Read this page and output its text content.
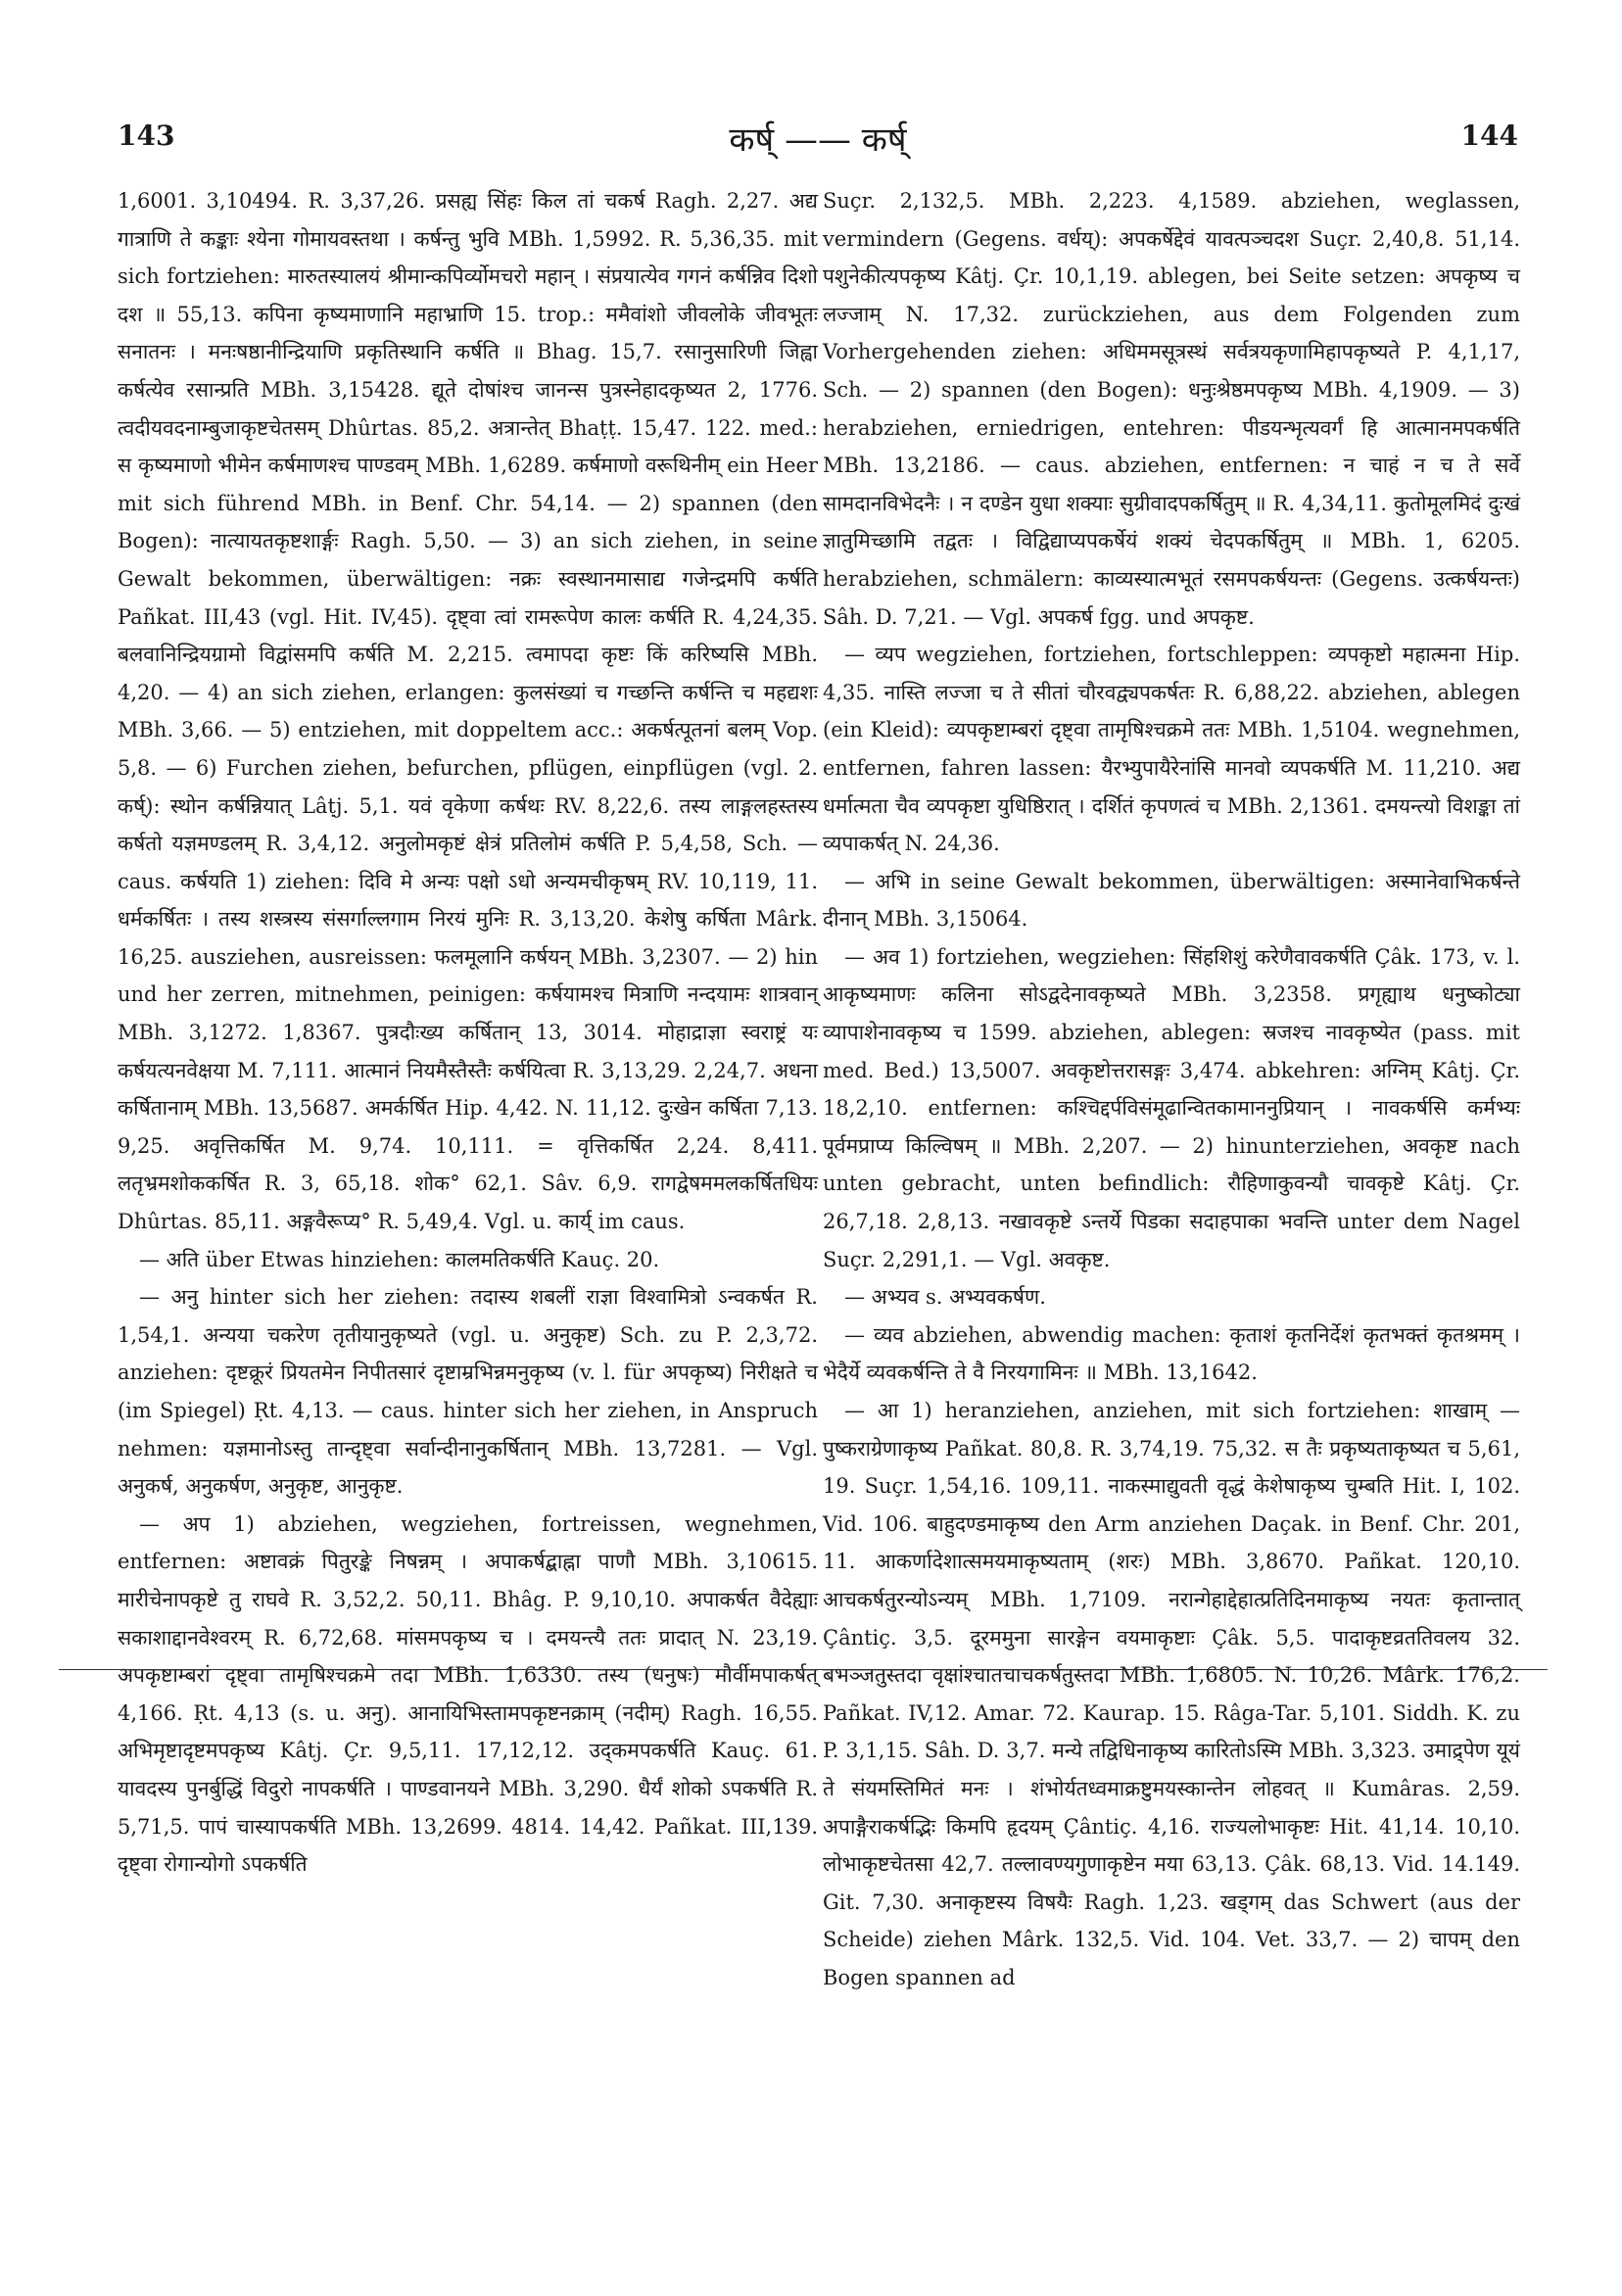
143	कर्ष् —— कर्ष्	144

1,6001. 3,10494. R. 3,37,26. प्रसह्य सिंहः किल तां चकर्ष Ragh. 2,27. अद्य गात्राणि ते कङ्काः श्येना गोमायवस्तथा । कर्षन्तु भुवि MBh. 1,5992. R. 5,36,35. mit sich fortziehen: मारुतस्यालयं श्रीमान्कपिर्व्योमचरो महान् । संप्रयात्येव गगनं कर्षन्निव दिशो दश ॥ 55,13. कपिना कृष्यमाणानि महाभ्राणि 15. trop.: ममैवांशो जीवलोके जीवभूतः सनातनः । मनःषष्ठानीन्द्रियाणि प्रकृतिस्थानि कर्षति ॥ Bhag. 15,7. रसानुसारिणी जिह्वा कर्षत्येव रसान्प्रति MBh. 3,15428. द्यूते दोषांश्च जानन्स पुत्रस्नेहादकृष्यत 2, 1776. त्वदीयवदनाम्बुजाकृष्टचेतसम् Dhûrtas. 85,2. अत्रान्तेत् Bhaṭṭ. 15,47. 122. med.: स कृष्यमाणो भीमेन कर्षमाणश्च पाण्डवम् MBh. 1,6289. कर्षमाणो वरूथिनीम् ein Heer mit sich führend MBh. in Benf. Chr. 54,14. — 2) spannen (den Bogen): नात्यायतकृष्टशार्ङ्गः Ragh. 5,50. — 3) an sich ziehen, in seine Gewalt bekommen, überwältigen: नक्रः स्वस्थानमासाद्य गजेन्द्रमपि कर्षति Pañkat. III,43 (vgl. Hit. IV,45). दृष्ट्वा त्वां रामरूपेण कालः कर्षति R. 4,24,35. बलवानिन्द्रियग्रामो विद्वांसमपि कर्षति M. 2,215. त्वमापदा कृष्टः किं करिष्यसि MBh. 4,20. — 4) an sich ziehen, erlangen: कुलसंख्यां च गच्छन्ति कर्षन्ति च महद्यशः MBh. 3,66. — 5) entziehen, mit doppeltem acc.: अकर्षत्पूतनां बलम् Vop. 5,8. — 6) Furchen ziehen, befurchen, pflügen, einpflügen (vgl. 2. कर्ष्): स्थोन कर्षन्नियात् Lâṭj. 5,1. यवं वृकेणा कर्षथः RV. 8,22,6. तस्य लाङ्गलहस्तस्य कर्षतो यज्ञमण्डलम् R. 3,4,12. अनुलोमकृष्टं क्षेत्रं प्रतिलोमं कर्षति P. 5,4,58, Sch. — caus. कर्षयति 1) ziehen: दिवि मे अन्यः पक्षो ऽधो अन्यमचीकृषम् RV. 10,119, 11. धर्मकर्षितः । तस्य शस्त्रस्य संसर्गाल्लगाम निरयं मुनिः R. 3,13,20. केशेषु कर्षिता Mârk. 16,25. ausziehen, ausreissen: फलमूलानि कर्षयन् MBh. 3,2307. — 2) hin und her zerren, mitnehmen, peinigen: कर्षयामश्च मित्राणि नन्दयामः शात्रवान् MBh. 3,1272. 1,8367. पुत्रदौःख्य कर्षितान् 13, 3014. मोहाद्राज्ञा स्वराष्ट्रं यः कर्षयत्यनवेक्षया M. 7,111. आत्मानं नियमैस्तैस्तैः कर्षयित्वा R. 3,13,29. 2,24,7. अधना कर्षितानाम् MBh. 13,5687. अमर्कर्षित Hip. 4,42. N. 11,12. दुःखेन कर्षिता 7,13. 9,25. अवृत्तिकर्षित M. 9,74. 10,111. = वृत्तिकर्षित 2,24. 8,411. लतृभ्रमशोककर्षित R. 3, 65,18. शोक° 62,1. Sâv. 6,9. रागद्वेषममलकर्षितधियः Dhûrtas. 85,11. अङ्गवैरूप्य° R. 5,49,4. Vgl. u. कार्य् im caus.

— अति über Etwas hinziehen: कालमतिकर्षति Kauç. 20.

— अनु hinter sich her ziehen: तदास्य शबलीं राज्ञा विश्वामित्रो ऽन्वकर्षत R. 1,54,1. अन्यया चकरेण तृतीयानुकृष्यते (vgl. u. अनुकृष्ट) Sch. zu P. 2,3,72. anziehen: दृष्टक्रूरं प्रियतमेन निपीतसारं दृष्टाम्रभिन्नमनुकृष्य (v. l. für अपकृष्य) निरीक्षते च (im Spiegel) Ṛt. 4,13. — caus. hinter sich her ziehen, in Anspruch nehmen: यज्ञमानोऽस्तु तान्दृष्ट्वा सर्वान्दीनानुकर्षितान् MBh. 13,7281. — Vgl. अनुकर्ष, अनुकर्षण, अनुकृष्ट, आनुकृष्ट.

— अप 1) abziehen, wegziehen, fortreissen, wegnehmen, entfernen: अष्टावक्रं पितुरङ्के निषन्नम् । अपाकर्षद्बाह्ना पाणौ MBh. 3,10615. मारीचेनापकृष्टे तु राघवे R. 3,52,2. 50,11. Bhâg. P. 9,10,10. अपाकर्षत वैदेह्याः सकाशाद्दानवेश्वरम् R. 6,72,68. मांसमपकृष्य च । दमयन्त्यै ततः प्रादात् N. 23,19. अपकृष्टाम्बरां दृष्ट्वा तामृषिश्चक्रमे तदा MBh. 1,6330. तस्य (धनुषः) मौर्वीमपाकर्षत् 4,166. Ṛt. 4,13 (s. u. अनु). आनायिभिस्तामपकृष्टनक्राम् (नदीम्) Ragh. 16,55. अभिमृष्टादृष्टमपकृष्य Kâtj. Çr. 9,5,11. 17,12,12. उद्कमपकर्षति Kauç. 61. यावदस्य पुनर्बुद्धिं विदुरो नापकर्षति । पाण्डवानयने MBh. 3,290. धैर्यं शोको ऽपकर्षति R. 5,71,5. पापं चास्यापकर्षति MBh. 13,2699. 4814. 14,42. Pañkat. III,139. दृष्ट्वा रोगान्योगो ऽपकर्षति

Suçr. 2,132,5. MBh. 2,223. 4,1589. abziehen, weglassen, vermindern (Gegens. वर्धय्): अपकर्षेद्देवं यावत्पञ्चदश Suçr. 2,40,8. 51,14. पशुनेकीत्यपकृष्य Kâtj. Çr. 10,1,19. ablegen, bei Seite setzen: अपकृष्य च लज्जाम् N. 17,32. zurückziehen, aus dem Folgenden zum Vorhergehenden ziehen: अधिममसूत्रस्थं सर्वत्रयकृणामिहापकृष्यते P. 4,1,17, Sch. — 2) spannen (den Bogen): धनुःश्रेष्ठमपकृष्य MBh. 4,1909. — 3) herabziehen, erniedrigen, entehren: पीडयन्भृत्यवर्गं हि आत्मानमपकर्षति MBh. 13,2186. — caus. abziehen, entfernen: न चाहं न च ते सर्वे सामदानविभेदनैः । न दण्डेन युधा शक्याः सुग्रीवादपकर्षितुम् ॥ R. 4,34,11. कुतोमूलमिदं दुःखं ज्ञातुमिच्छामि तद्वतः । विद्विद्याप्यपकर्षेयं शक्यं चेदपकर्षितुम् ॥ MBh. 1, 6205. herabziehen, schmälern: काव्यस्यात्मभूतं रसमपकर्षयन्तः (Gegens. उत्कर्षयन्तः) Sâh. D. 7,21. — Vgl. अपकर्ष fgg. und अपकृष्ट.

— व्यप wegziehen, fortziehen, fortschleppen: व्यपकृष्टो महात्मना Hip. 4,35. नास्ति लज्जा च ते सीतां चौरवद्व्यपकर्षतः R. 6,88,22. abziehen, ablegen (ein Kleid): व्यपकृष्टाम्बरां दृष्ट्वा तामृषिश्चक्रमे ततः MBh. 1,5104. wegnehmen, entfernen, fahren lassen: यैरभ्युपायैरेनांसि मानवो व्यपकर्षति M. 11,210. अद्य धर्मात्मता चैव व्यपकृष्टा युधिष्ठिरात् । दर्शितं कृपणत्वं च MBh. 2,1361. दमयन्त्यो विशङ्का तां व्यपाकर्षत् N. 24,36.

— अभि in seine Gewalt bekommen, überwältigen: अस्मानेवाभिकर्षन्ते दीनान् MBh. 3,15064.

— अव 1) fortziehen, wegziehen: सिंहशिशुं करेणैवावकर्षति Çâk. 173, v. l. आकृष्यमाणः कलिना सोऽद्वदेनावकृष्यते MBh. 3,2358. प्रगृह्याथ धनुष्कोट्या व्यापाशेनावकृष्य च 1599. abziehen, ablegen: स्रजश्च नावकृष्येत (pass. mit med. Bed.) 13,5007. अवकृष्टोत्तरासङ्गः 3,474. abkehren: अग्निम् Kâtj. Çr. 18,2,10. entfernen: कश्चिद्दर्पविसंमूढान्वितकामाननुप्रियान् । नावकर्षसि कर्मभ्यः पूर्वमप्राप्य किल्विषम् ॥ MBh. 2,207. — 2) hinunterziehen, अवकृष्ट nach unten gebracht, unten befindlich: रौहिणाकुवन्यौ चावकृष्टे Kâtj. Çr. 26,7,18. 2,8,13. नखावकृष्टे ऽन्तर्ये पिडका सदाहपाका भवन्ति unter dem Nagel Suçr. 2,291,1. — Vgl. अवकृष्ट.

— अभ्यव s. अभ्यवकर्षण.

— व्यव abziehen, abwendig machen: कृताशं कृतनिर्देशं कृतभक्तं कृतश्रमम् । भेदैर्ये व्यवकर्षन्ति ते वै निरयगामिनः ॥ MBh. 13,1642.

— आ 1) heranziehen, anziehen, mit sich fortziehen: शाखाम् — पुष्कराग्रेणाकृष्य Pañkat. 80,8. R. 3,74,19. 75,32. स तैः प्रकृष्यताकृष्यत च 5,61, 19. Suçr. 1,54,16. 109,11. नाकस्माद्युवती वृद्धं केशेषाकृष्य चुम्बति Hit. I, 102. Vid. 106. बाहुदण्डमाकृष्य den Arm anziehen Daçak. in Benf. Chr. 201, 11. आकर्णादेशात्समयमाकृष्यताम् (शरः) MBh. 3,8670. Pañkat. 120,10. आचकर्षतुरन्योऽन्यम् MBh. 1,7109. नरान्गेहाद्देहात्प्रतिदिनमाकृष्य नयतः कृतान्तात् Çântiç. 3,5. दूरममुना सारङ्गेन वयमाकृष्टाः Çâk. 5,5. पादाकृष्टव्रततिवलय 32. बभञ्जतुस्तदा वृक्षांश्चातचाचकर्षतुस्तदा MBh. 1,6805. N. 10,26. Mârk. 176,2. Pañkat. IV,12. Amar. 72. Kaurap. 15. Râga-Tar. 5,101. Siddh. K. zu P. 3,1,15. Sâh. D. 3,7. मन्ये तद्विधिनाकृष्य कारितोऽस्मि MBh. 3,323. उमाद्र्पेण यूयं ते संयमस्तिमितं मनः । शंभोर्यतध्वमाक्रष्टुमयस्कान्तेन लोहवत् ॥ Kumâras. 2,59. अपाङ्गैराकर्षद्भिः किमपि हृदयम् Çântiç. 4,16. राज्यलोभाकृष्टः Hit. 41,14. 10,10. लोभाकृष्टचेतसा 42,7. तल्लावण्यगुणाकृष्टेन मया 63,13. Çâk. 68,13. Vid. 14.149. Git. 7,30. अनाकृष्टस्य विषयैः Ragh. 1,23. खड्गम् das Schwert (aus der Scheide) ziehen Mârk. 132,5. Vid. 104. Vet. 33,7. — 2) चापम् den Bogen spannen ad
